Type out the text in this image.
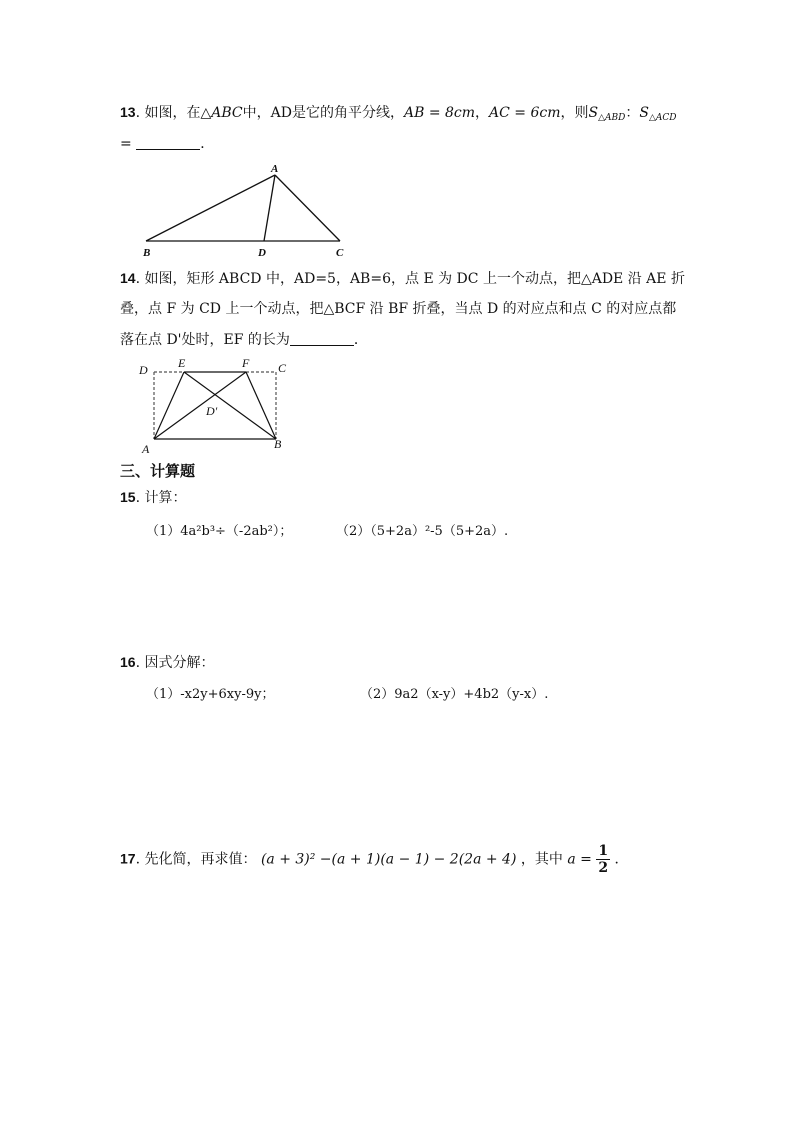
13. 如图，在△ABC中，AD是它的角平分线，AB = 8cm，AC = 6cm，则$S_{\triangle ABD}$：$S_{\triangle ACD}$
=	．
A
B	D	C
14. 如图，矩形 ABCD 中，AD=5，AB=6，点 E 为 DC 上一个动点，把△ADE 沿 AE 折
叠，点 F 为 CD 上一个动点，把△BCF 沿 BF 折叠，当点 D 的对应点和点 C 的对应点都
落在点 D'处时，EF 的长为	．
D	E	F C
D'
A	B
三、计算题
15. 计算：
（1）4a²b³÷（-2ab²）；	（2）（5+2a）²-5（5+2a）.
16. 因式分解：
（1）-x2y+6xy-9y；	（2）9a2（x-y）+4b2（y-x）.
17. 先化简，再求值： (a + 3)² −(a + 1)(a − 1) − 2(2a + 4) ，其中 $a = \frac{1}{2}$ ．
